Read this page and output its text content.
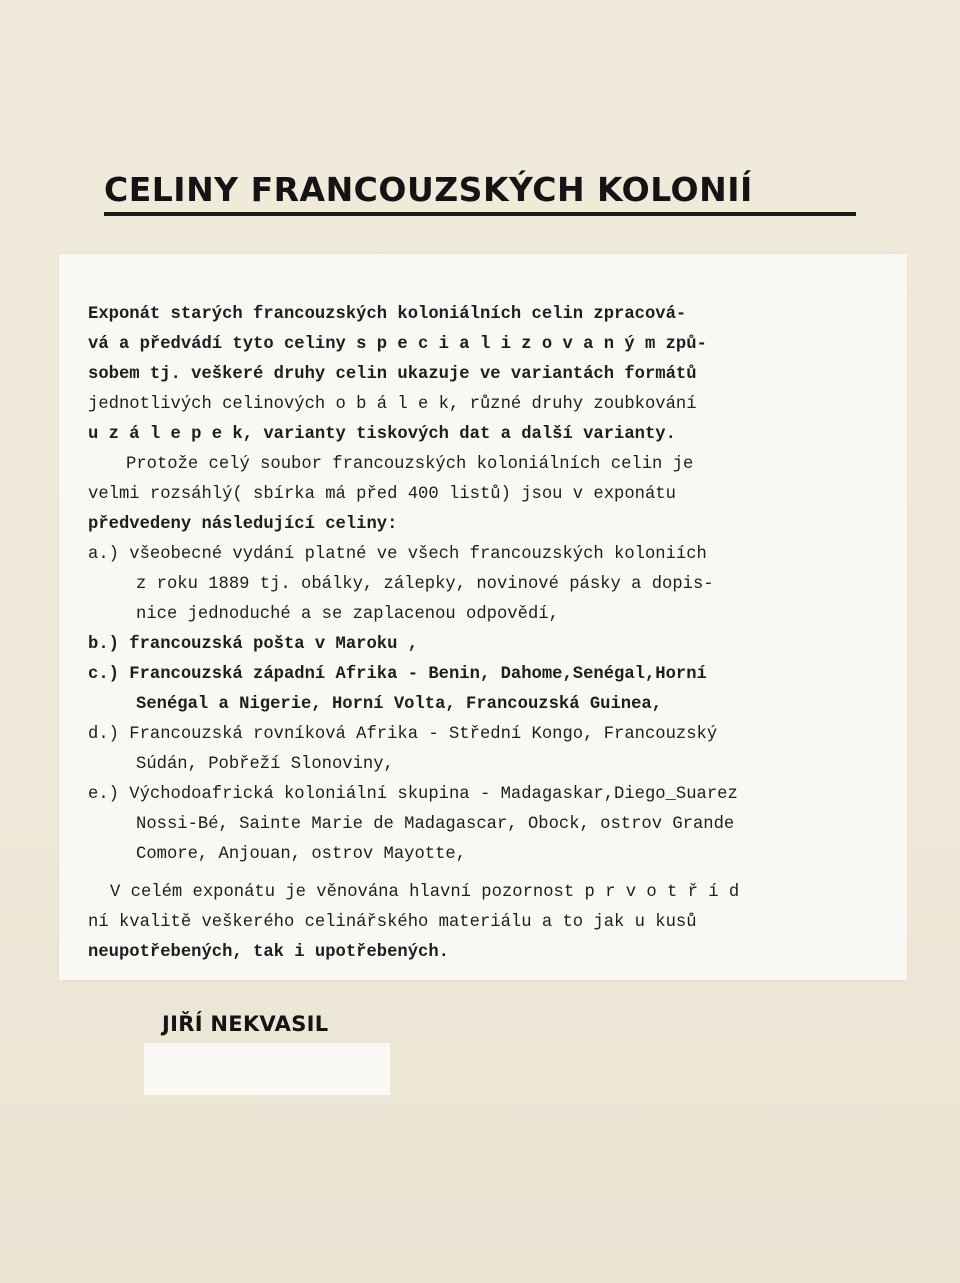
CELINY FRANCOUZSKÝCH KOLONIÍ
Exponát starých francouzských koloniálních celin zpracová-
vá a předvádí tyto celiny s p e c i a l i z o v a n ý m způ-
sobem tj. veškeré druhy celin ukazuje ve variantách formátů
jednotlivých celinových o b á l e k, různé druhy zoubkování
u z á l e p e k, varianty tiskových dat a další varianty.
Protože celý soubor francouzských koloniálních celin je
velmi rozsáhlý( sbírka má před 400 listů) jsou v exponátu
předvedeny následující celiny:
a.) všeobecné vydání platné ve všech francouzských koloniích
z roku 1889 tj. obálky, zálepky, novinové pásky a dopis-
nice jednoduché a se zaplacenou odpovědí,
b.) francouzská pošta v Maroku ,
c.) Francouzská západní Afrika - Benin, Dahome,Senégal,Horní
Senégal a Nigerie, Horní Volta, Francouzská Guinea,
d.) Francouzská rovníková Afrika - Střední Kongo, Francouzský
Súdán, Pobřeží Slonoviny,
e.) Východoafrická koloniální skupina - Madagaskar,Diego_Suarez
Nossi-Bé, Sainte Marie de Madagascar, Obock, ostrov Grande
Comore, Anjouan, ostrov Mayotte,
V celém exponátu je věnována hlavní pozornost p r v o t ř í d
ní kvalitě veškerého celinářského materiálu a to jak u kusů
neupotřebených, tak i upotřebených.
JIŘÍ NEKVASIL
